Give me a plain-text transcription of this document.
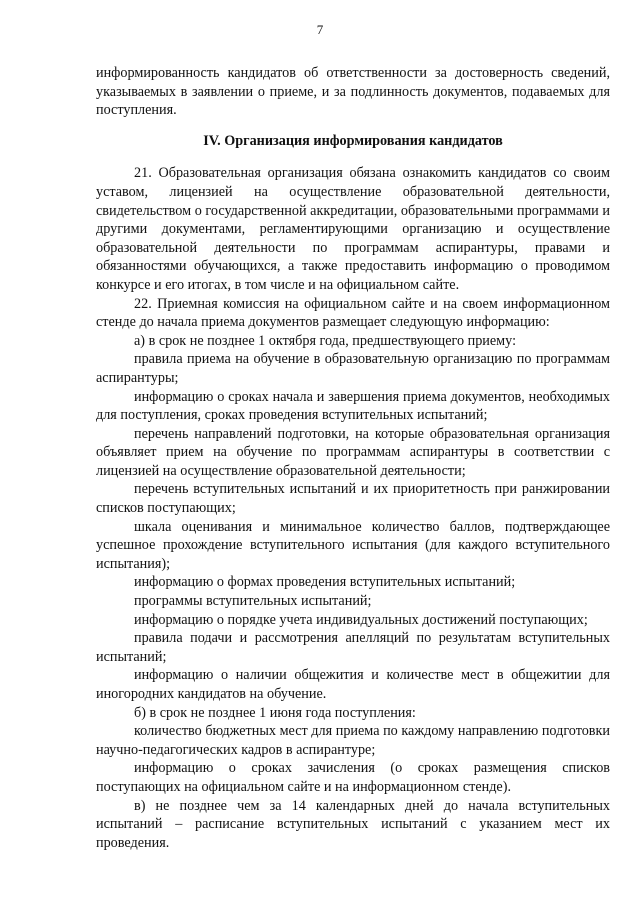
7

информированность кандидатов об ответственности за достоверность сведений, указываемых в заявлении о приеме, и за подлинность документов, подаваемых для поступления.

IV. Организация информирования кандидатов

21. Образовательная организация обязана ознакомить кандидатов со своим уставом, лицензией на осуществление образовательной деятельности, свидетельством о государственной аккредитации, образовательными программами и другими документами, регламентирующими организацию и осуществление образовательной деятельности по программам аспирантуры, правами и обязанностями обучающихся, а также предоставить информацию о проводимом конкурсе и его итогах, в том числе и на официальном сайте.

22. Приемная комиссия на официальном сайте и на своем информационном стенде до начала приема документов размещает следующую информацию:

а) в срок не позднее 1 октября года, предшествующего приему:

правила приема на обучение в образовательную организацию по программам аспирантуры;

информацию о сроках начала и завершения приема документов, необходимых для поступления, сроках проведения вступительных испытаний;

перечень направлений подготовки, на которые образовательная организация объявляет прием на обучение по программам аспирантуры в соответствии с лицензией на осуществление образовательной деятельности;

перечень вступительных испытаний и их приоритетность при ранжировании списков поступающих;

шкала оценивания и минимальное количество баллов, подтверждающее успешное прохождение вступительного испытания (для каждого вступительного испытания);

информацию о формах проведения вступительных испытаний;

программы вступительных испытаний;

информацию о порядке учета индивидуальных достижений поступающих;

правила подачи и рассмотрения апелляций по результатам вступительных испытаний;

информацию о наличии общежития и количестве мест в общежитии для иногородних кандидатов на обучение.

б) в срок не позднее 1 июня года поступления:

количество бюджетных мест для приема по каждому направлению подготовки научно-педагогических кадров в аспирантуре;

информацию о сроках зачисления (о сроках размещения списков поступающих на официальном сайте и на информационном стенде).

в) не позднее чем за 14 календарных дней до начала вступительных испытаний – расписание вступительных испытаний с указанием мест их проведения.
